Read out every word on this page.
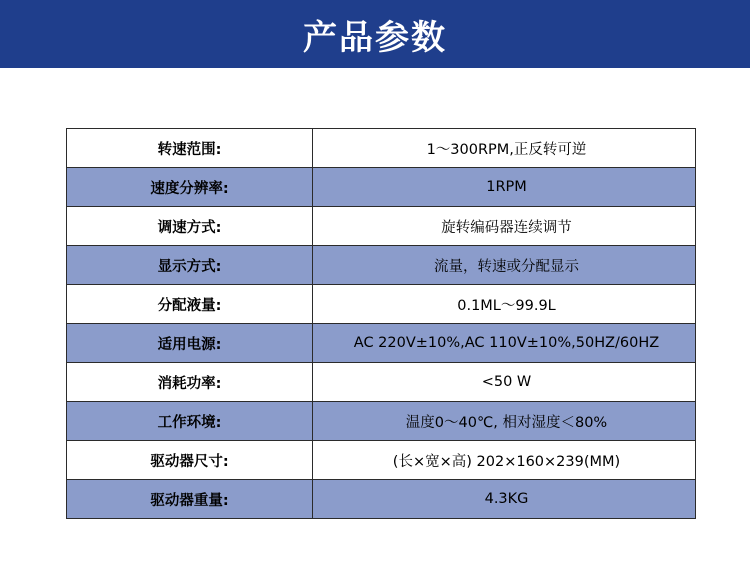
产品参数
转速范围:	1～300RPM,正反转可逆
速度分辨率:	1RPM
调速方式:	旋转编码器连续调节
显示方式:	流量，转速或分配显示
分配液量:	0.1ML～99.9L
适用电源:	AC 220V±10%,AC 110V±10%,50HZ/60HZ
消耗功率:	<50 W
工作环境:	温度0～40℃, 相对湿度＜80%
驱动器尺寸:	(长×宽×高) 202×160×239(MM)
驱动器重量:	4.3KG
